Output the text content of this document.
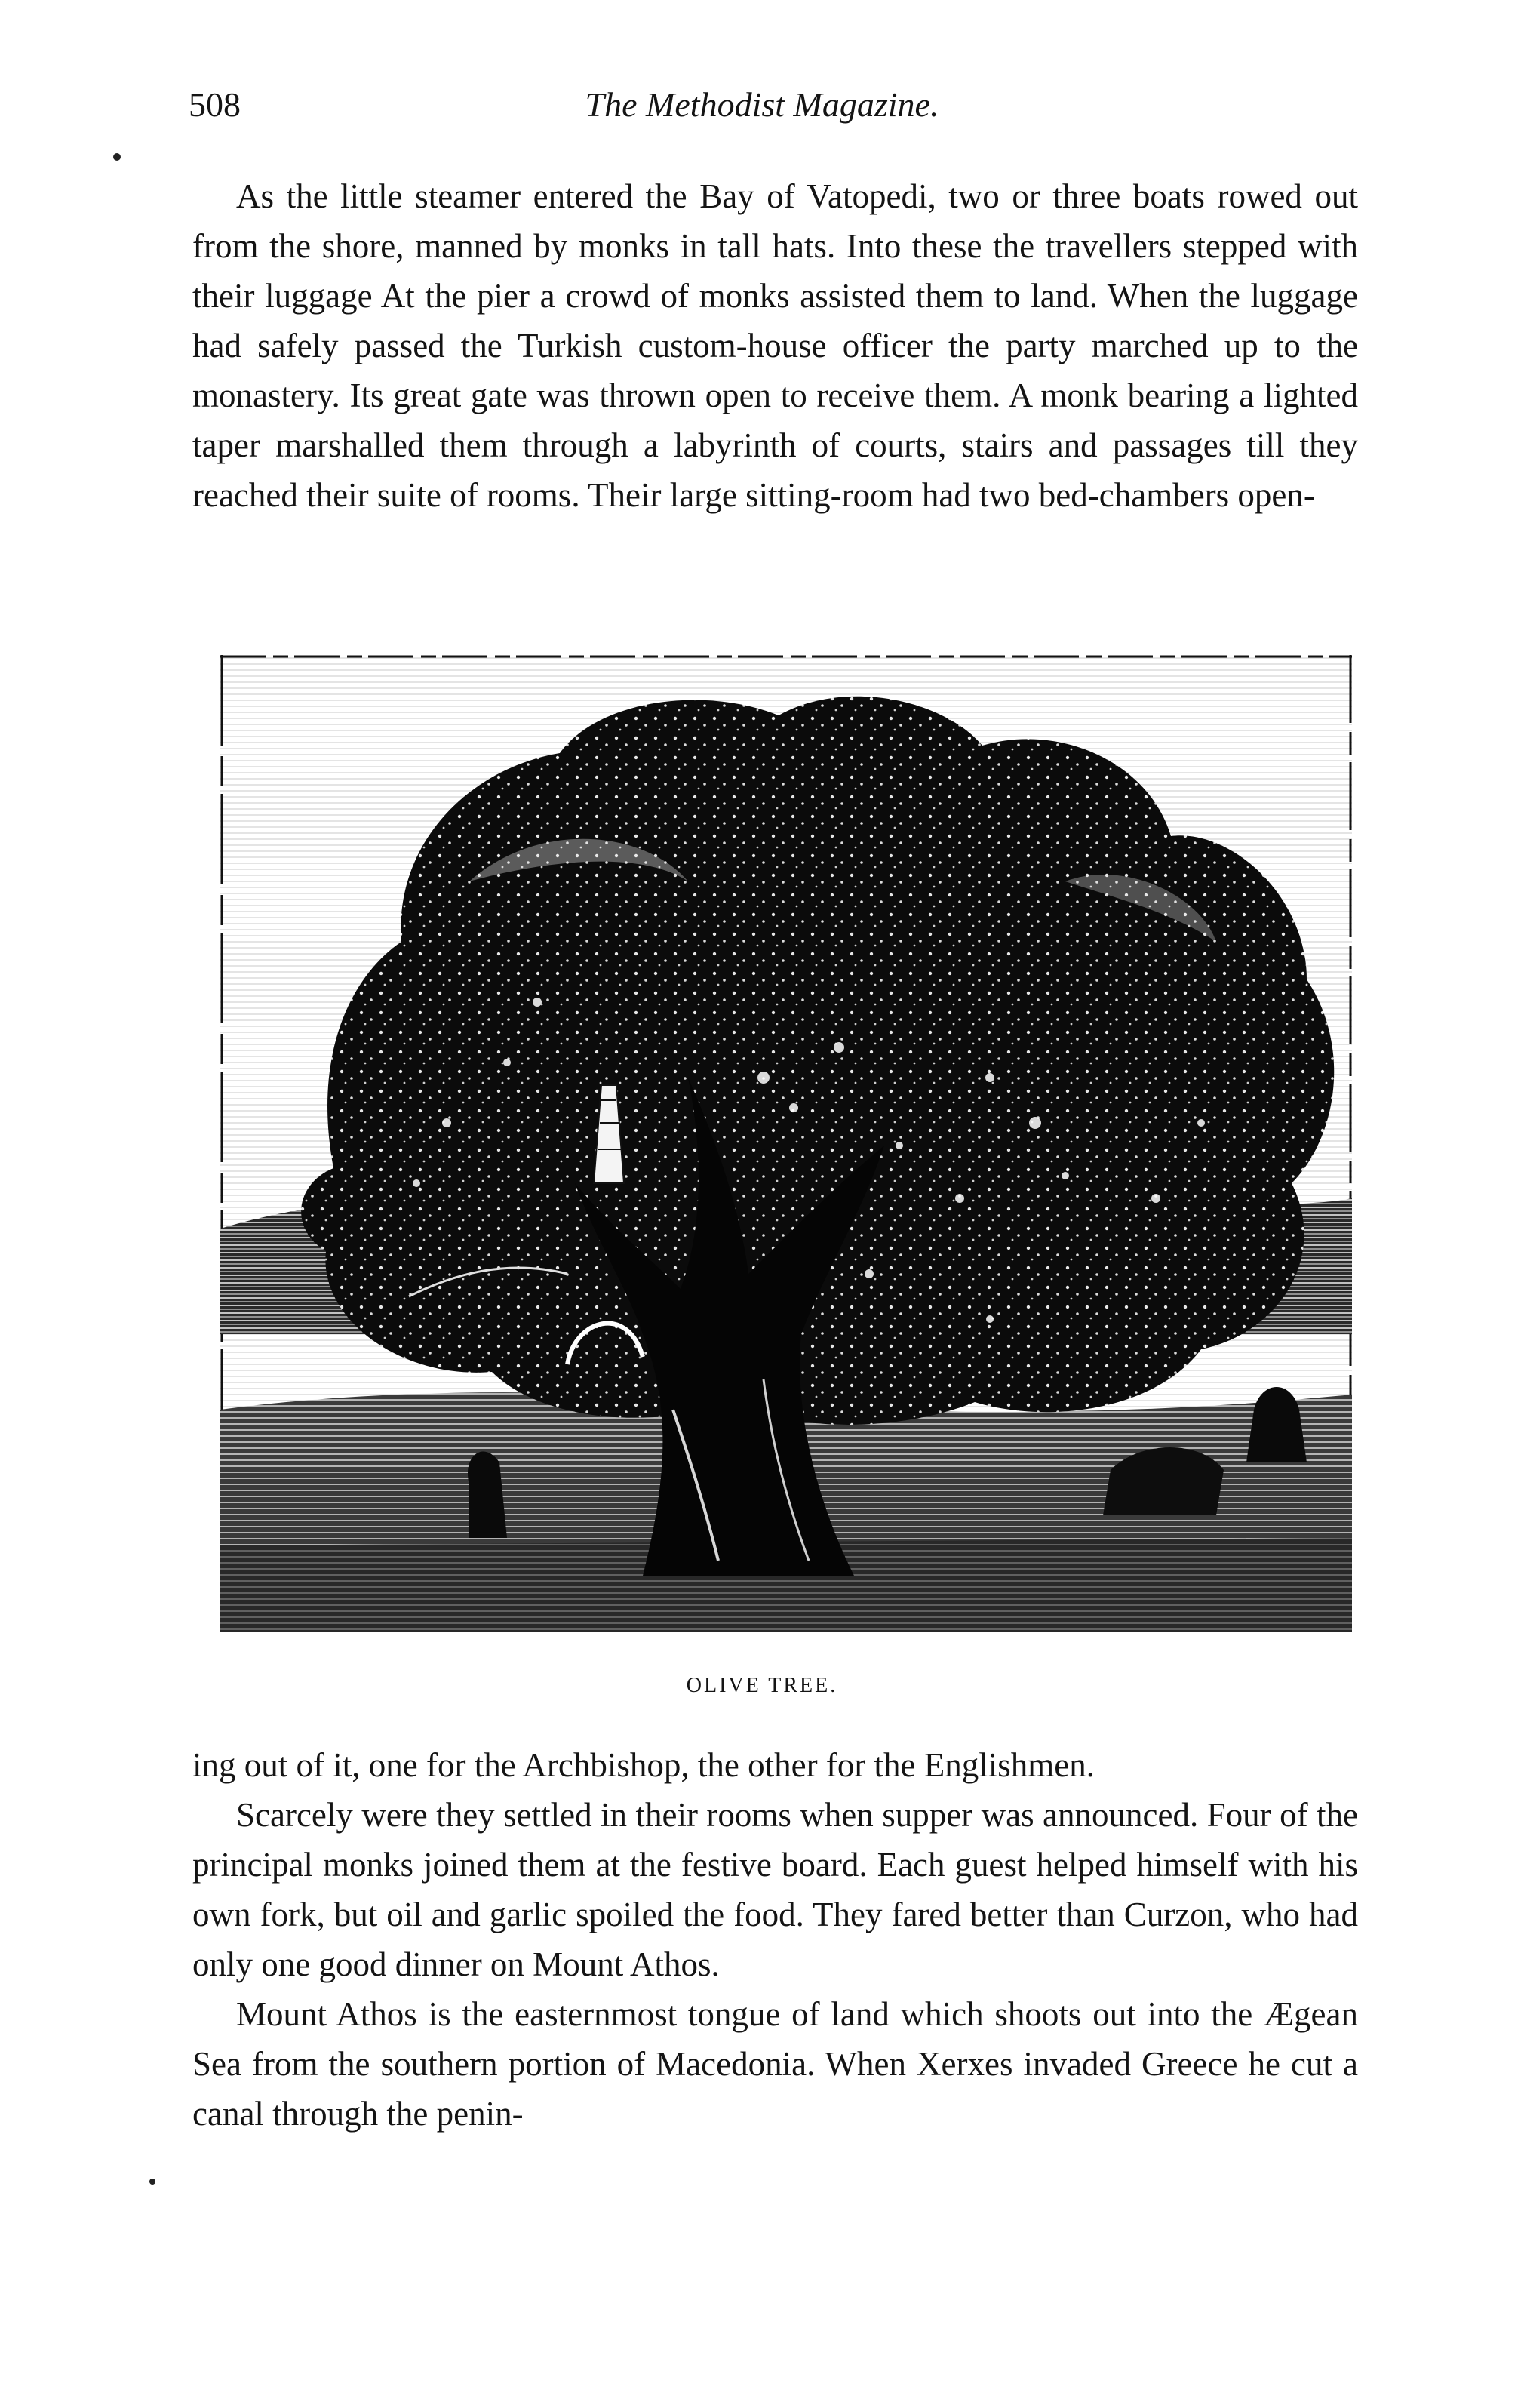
508	The Methodist Magazine.

As the little steamer entered the Bay of Vatopedi, two or three boats rowed out from the shore, manned by monks in tall hats. Into these the travellers stepped with their luggage At the pier a crowd of monks assisted them to land. When the luggage had safely passed the Turkish custom-house officer the party marched up to the monastery. Its great gate was thrown open to receive them. A monk bearing a lighted taper marshalled them through a labyrinth of courts, stairs and passages till they reached their suite of rooms. Their large sitting-room had two bed-chambers open-

OLIVE TREE.

ing out of it, one for the Archbishop, the other for the Englishmen.

Scarcely were they settled in their rooms when supper was announced. Four of the principal monks joined them at the festive board. Each guest helped himself with his own fork, but oil and garlic spoiled the food. They fared better than Curzon, who had only one good dinner on Mount Athos.

Mount Athos is the easternmost tongue of land which shoots out into the Ægean Sea from the southern portion of Macedonia. When Xerxes invaded Greece he cut a canal through the penin-
